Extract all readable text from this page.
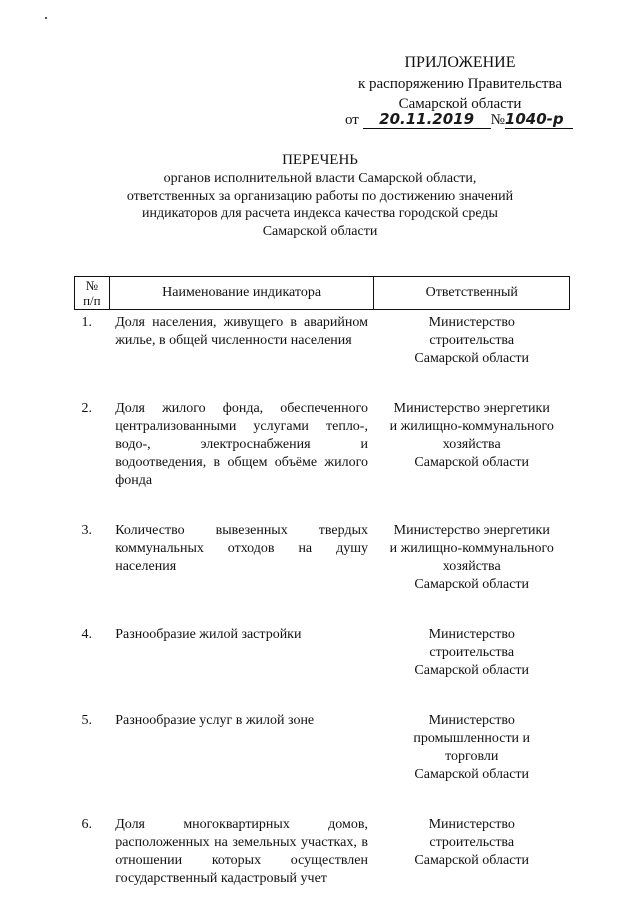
ПРИЛОЖЕНИЕ
к распоряжению Правительства
Самарской области
от 20.11.2019 №1040-р
ПЕРЕЧЕНЬ
органов исполнительной власти Самарской области,
ответственных за организацию работы по достижению значений
индикаторов для расчета индекса качества городской среды
Самарской области
№
п/п	Наименование индикатора	Ответственный
1.	Доля населения, живущего в аварийном жилье, в общей численности населения	Министерство
строительства
Самарской области

2.	Доля жилого фонда, обеспеченного централизованными услугами тепло-, водо-, электроснабжения и водоотведения, в общем объёме жилого фонда	Министерство энергетики
и жилищно-коммунального
хозяйства
Самарской области

3.	Количество вывезенных твердых коммунальных отходов на душу населения	Министерство энергетики
и жилищно-коммунального
хозяйства
Самарской области

4.	Разнообразие жилой застройки	Министерство
строительства
Самарской области

5.	Разнообразие услуг в жилой зоне	Министерство
промышленности и
торговли
Самарской области

6.	Доля многоквартирных домов, расположенных на земельных участках, в отношении которых осуществлен государственный кадастровый учет	Министерство
строительства
Самарской области
